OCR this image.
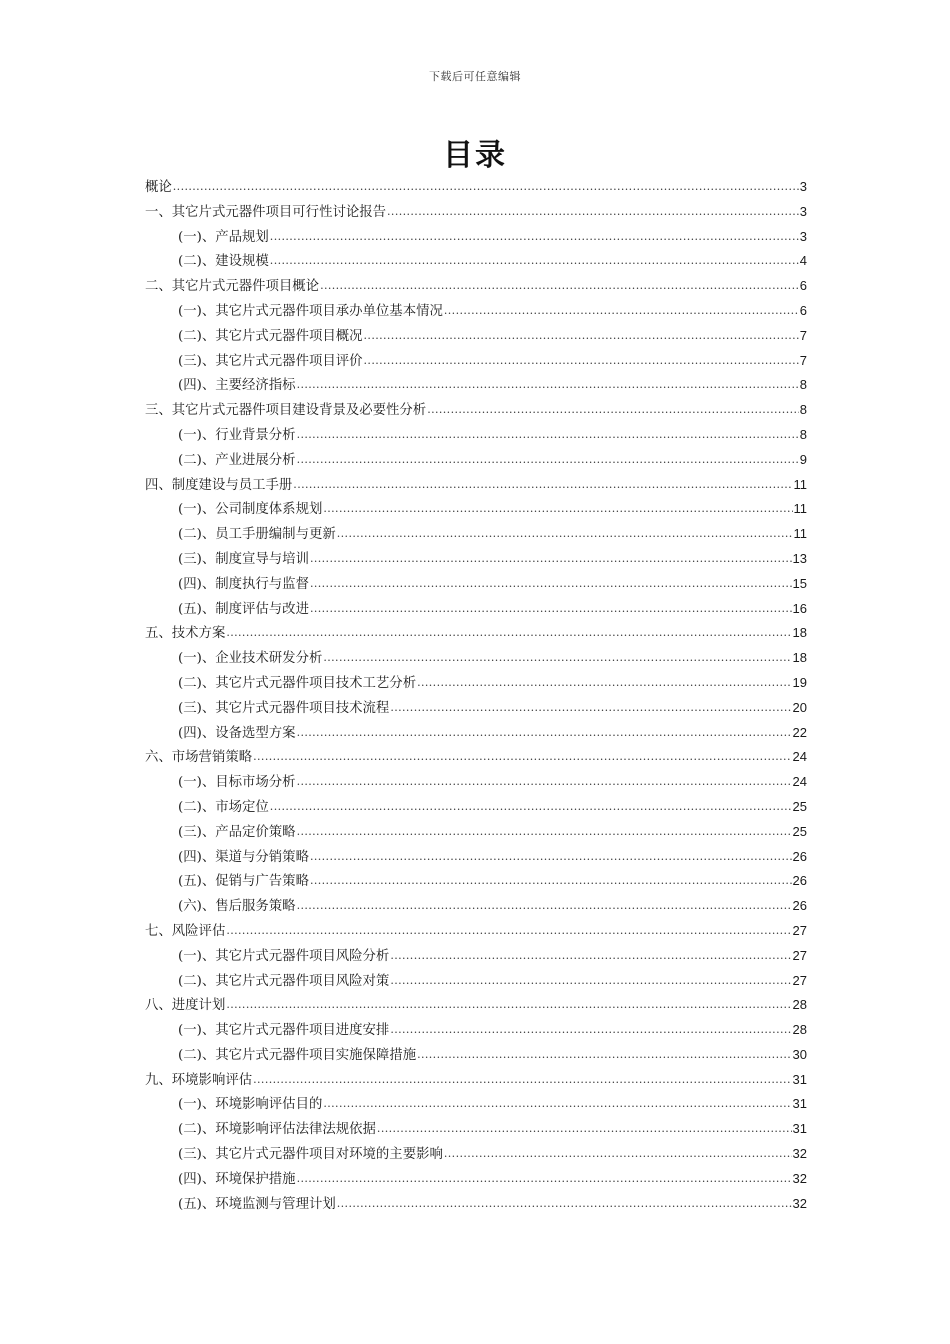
下载后可任意编辑
目录
概论 .....	3
一、其它片式元器件项目可行性讨论报告 .....	3
(一)、产品规划 .....	3
(二)、建设规模 .....	4
二、其它片式元器件项目概论 .....	6
(一)、其它片式元器件项目承办单位基本情况 .....	6
(二)、其它片式元器件项目概况 .....	7
(三)、其它片式元器件项目评价 .....	7
(四)、主要经济指标 .....	8
三、其它片式元器件项目建设背景及必要性分析 .....	8
(一)、行业背景分析 .....	8
(二)、产业进展分析 .....	9
四、制度建设与员工手册 .....	11
(一)、公司制度体系规划 .....	11
(二)、员工手册编制与更新 .....	11
(三)、制度宣导与培训 .....	13
(四)、制度执行与监督 .....	15
(五)、制度评估与改进 .....	16
五、技术方案 .....	18
(一)、企业技术研发分析 .....	18
(二)、其它片式元器件项目技术工艺分析 .....	19
(三)、其它片式元器件项目技术流程 .....	20
(四)、设备选型方案 .....	22
六、市场营销策略 .....	24
(一)、目标市场分析 .....	24
(二)、市场定位 .....	25
(三)、产品定价策略 .....	25
(四)、渠道与分销策略 .....	26
(五)、促销与广告策略 .....	26
(六)、售后服务策略 .....	26
七、风险评估 .....	27
(一)、其它片式元器件项目风险分析 .....	27
(二)、其它片式元器件项目风险对策 .....	27
八、进度计划 .....	28
(一)、其它片式元器件项目进度安排 .....	28
(二)、其它片式元器件项目实施保障措施 .....	30
九、环境影响评估 .....	31
(一)、环境影响评估目的 .....	31
(二)、环境影响评估法律法规依据 .....	31
(三)、其它片式元器件项目对环境的主要影响 .....	32
(四)、环境保护措施 .....	32
(五)、环境监测与管理计划 .....	32
